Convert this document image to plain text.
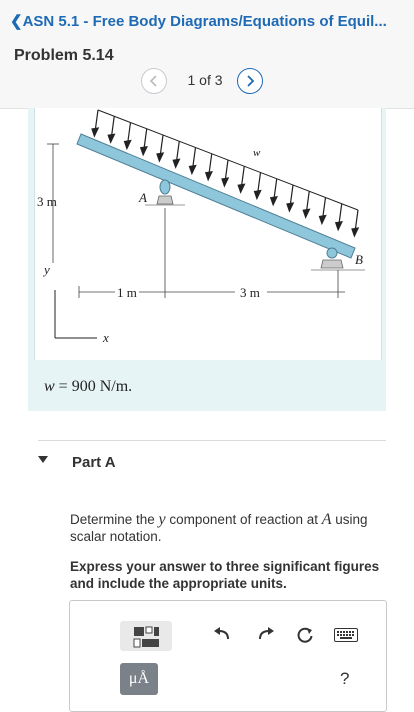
❮ASN 5.1 - Free Body Diagrams/Equations of Equil...
Problem 5.14
1 of 3
3 m
1 m	3 m
y
x
w
A
B
w = 900 N/m.
Part A
Determine the y component of reaction at A using scalar notation.
Express your answer to three significant figures and include the appropriate units.
μÅ	?
